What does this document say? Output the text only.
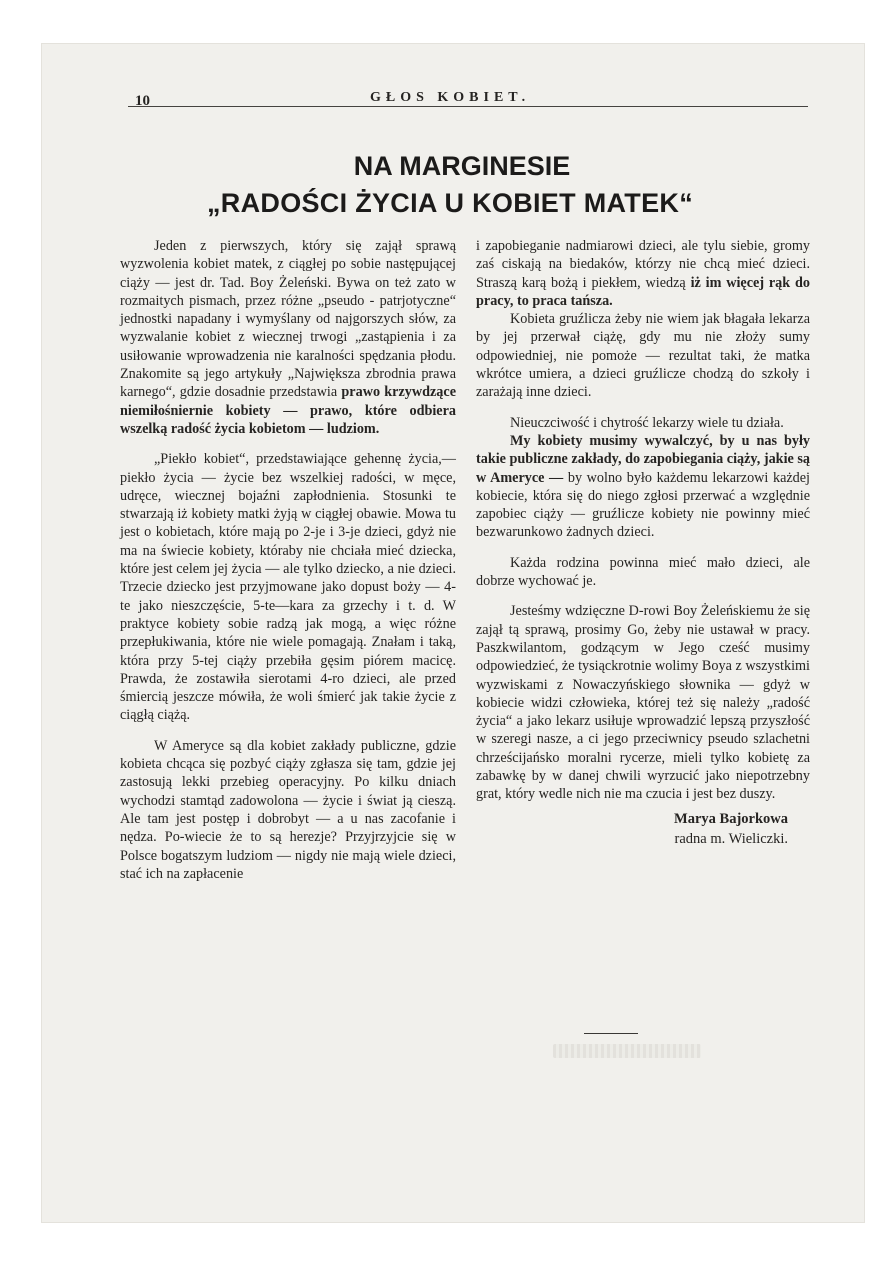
10	GŁOS KOBIET.
NA MARGINESIE
„RADOŚCI ŻYCIA U KOBIET MATEK“

Jeden z pierwszych, który się zajął sprawą wyzwolenia kobiet matek, z ciągłej po sobie następującej ciąży — jest dr. Tad. Boy Żeleński. Bywa on też zato w rozmaitych pismach, przez różne „pseudo - patrjotyczne“ jednostki napadany i wymyślany od najgorszych słów, za wyzwalanie kobiet z wiecznej trwogi „zastąpienia i za usiłowanie wprowadzenia nie karalności spędzania płodu. Znakomite są jego artykuły „Największa zbrodnia prawa karnego“, gdzie dosadnie przedstawia prawo krzywdzące niemiłośniernie kobiety — prawo, które odbiera wszelką radość życia kobietom — ludziom.

„Piekło kobiet“, przedstawiające gehennę życia,— piekło życia — życie bez wszelkiej radości, w męce, udręce, wiecznej bojaźni zapłodnienia. Stosunki te stwarzają iż kobiety matki żyją w ciągłej obawie. Mowa tu jest o kobietach, które mają po 2-je i 3-je dzieci, gdyż nie ma na świecie kobiety, któraby nie chciała mieć dziecka, które jest celem jej życia — ale tylko dziecko, a nie dzieci. Trzecie dziecko jest przyjmowane jako dopust boży — 4-te jako nieszczęście, 5-te—kara za grzechy i t. d. W praktyce kobiety sobie radzą jak mogą, a więc różne przepłukiwania, które nie wiele pomagają. Znałam i taką, która przy 5-tej ciąży przebiła gęsim piórem macicę. Prawda, że zostawiła sierotami 4-ro dzieci, ale przed śmiercią jeszcze mówiła, że woli śmierć jak takie życie z ciągłą ciążą.

W Ameryce są dla kobiet zakłady publiczne, gdzie kobieta chcąca się pozbyć ciąży zgłasza się tam, gdzie jej zastosują lekki przebieg operacyjny. Po kilku dniach wychodzi stamtąd zadowolona — życie i świat ją cieszą. Ale tam jest postęp i dobrobyt — a u nas zacofanie i nędza. Po-wiecie że to są herezje? Przyjrzyjcie się w Polsce bogatszym ludziom — nigdy nie mają wiele dzieci, stać ich na zapłacenie

i zapobieganie nadmiarowi dzieci, ale tylu siebie, gromy zaś ciskają na biedaków, którzy nie chcą mieć dzieci. Straszą karą bożą i piekłem, wiedzą iż im więcej rąk do pracy, to praca tańsza.

Kobieta gruźlicza żeby nie wiem jak błagała lekarza by jej przerwał ciążę, gdy mu nie złoży sumy odpowiedniej, nie pomoże — rezultat taki, że matka wkrótce umiera, a dzieci gruźlicze chodzą do szkoły i zarażają inne dzieci.

Nieuczciwość i chytrość lekarzy wiele tu działa.

My kobiety musimy wywalczyć, by u nas były takie publiczne zakłady, do zapobiegania ciąży, jakie są w Ameryce — by wolno było każdemu lekarzowi każdej kobiecie, która się do niego zgłosi przerwać a względnie zapobiec ciąży — gruźlicze kobiety nie powinny mieć bezwarunkowo żadnych dzieci.

Każda rodzina powinna mieć mało dzieci, ale dobrze wychować je.

Jesteśmy wdzięczne D-rowi Boy Żeleńskiemu że się zajął tą sprawą, prosimy Go, żeby nie ustawał w pracy. Paszkwilantom, godzącym w Jego cześć musimy odpowiedzieć, że tysiąckrotnie wolimy Boya z wszystkimi wyzwiskami z Nowaczyńskiego słownika — gdyż w kobiecie widzi człowieka, której też się należy „radość życia“ a jako lekarz usiłuje wprowadzić lepszą przyszłość w szeregi nasze, a ci jego przeciwnicy pseudo szlachetni chrześcijańsko moralni rycerze, mieli tylko kobietę za zabawkę by w danej chwili wyrzucić jako niepotrzebny grat, który wedle nich nie ma czucia i jest bez duszy.

Marya Bajorkowa
radna m. Wieliczki.
